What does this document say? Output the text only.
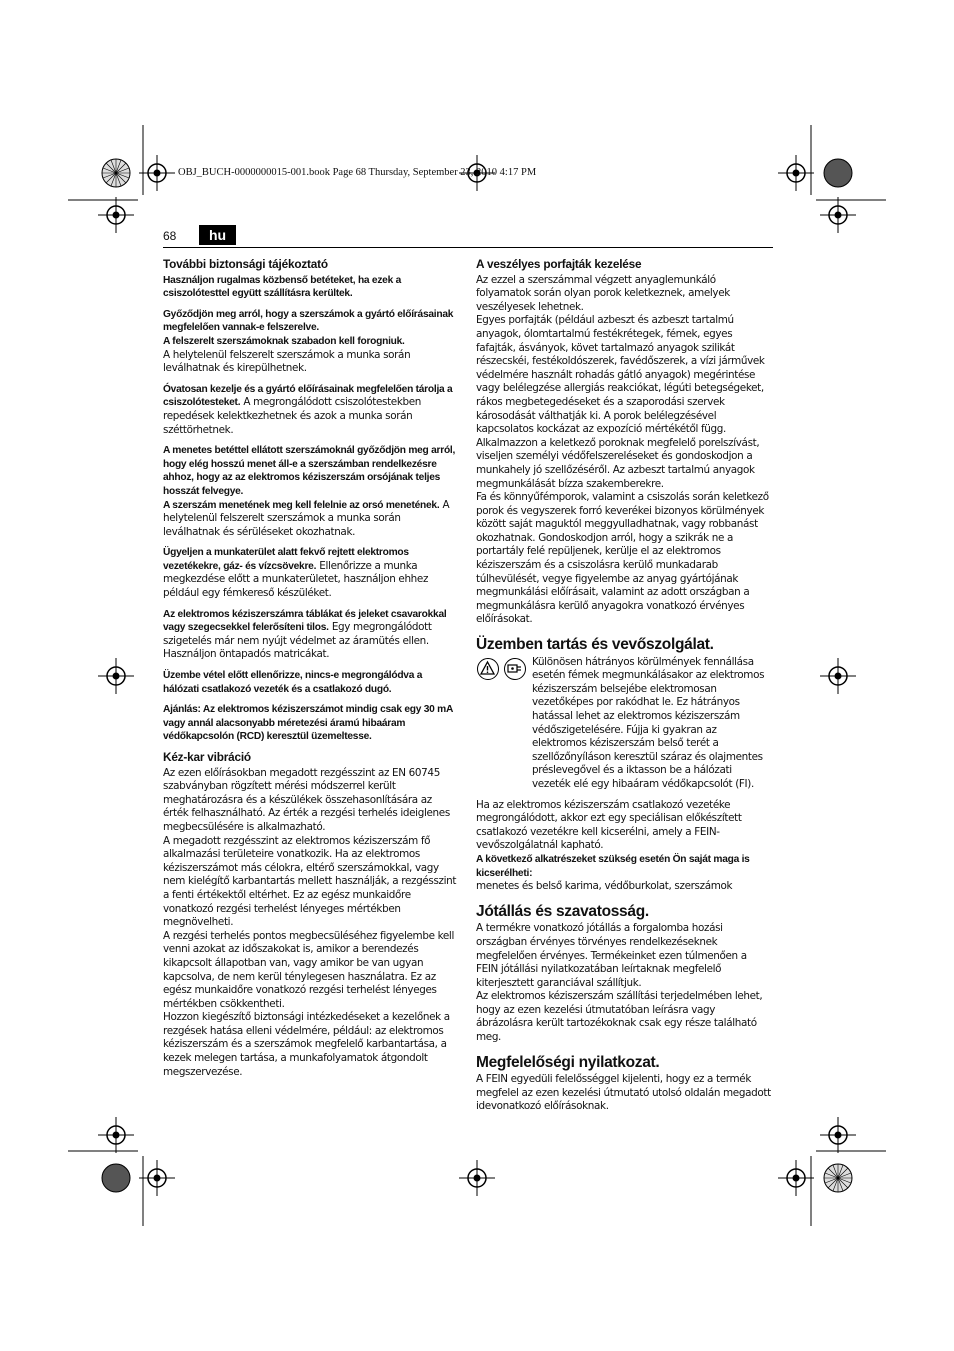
OBJ_BUCH-0000000015-001.book Page 68 Thursday, September 23, 2010 4:17 PM
68	hu
További biztonsági tájékoztató

Használjon rugalmas közbenső betéteket, ha ezek a csiszolótesttel együtt szállításra kerültek.

Győződjön meg arról, hogy a szerszámok a gyártó előírásainak megfelelően vannak-e felszerelve.
A felszerelt szerszámoknak szabadon kell forogniuk.
A helytelenül felszerelt szerszámok a munka során leválhatnak és kirepülhetnek.

Óvatosan kezelje és a gyártó előírásainak megfelelően tárolja a csiszolótesteket. A megrongálódott csiszolótestekben repedések kelektkezhetnek és azok a munka során széttörhetnek.

A menetes betéttel ellátott szerszámoknál győződjön meg arról, hogy elég hosszú menet áll-e a szerszámban rendelkezésre ahhoz, hogy az az elektromos kéziszerszám orsójának teljes hosszát felvegye.
A szerszám menetének meg kell felelnie az orsó menetének. A helytelenül felszerelt szerszámok a munka során leválhatnak és sérüléseket okozhatnak.

Ügyeljen a munkaterület alatt fekvő rejtett elektromos vezetékekre, gáz- és vízcsövekre. Ellenőrizze a munka megkezdése előtt a munkaterületet, használjon ehhez például egy fémkereső készüléket.

Az elektromos kéziszerszámra táblákat és jeleket csavarokkal vagy szegecsekkel felerősíteni tilos. Egy megrongálódott szigetelés már nem nyújt védelmet az áramütés ellen. Használjon öntapadós matricákat.

Üzembe vétel előtt ellenőrizze, nincs-e megrongálódva a hálózati csatlakozó vezeték és a csatlakozó dugó.

Ajánlás: Az elektromos kéziszerszámot mindig csak egy 30 mA vagy annál alacsonyabb méretezési áramú hibaáram védőkapcsolón (RCD) keresztül üzemeltesse.

Kéz-kar vibráció

Az ezen előírásokban megadott rezgésszint az EN 60745 szabványban rögzített mérési módszerrel került meghatározásra és a készülékek összehasonlítására az érték felhasználható. Az érték a rezgési terhelés ideiglenes megbecsülésére is alkalmazható.

A megadott rezgésszint az elektromos kéziszerszám fő alkalmazási területeire vonatkozik. Ha az elektromos kéziszerszámot más célokra, eltérő szerszámokkal, vagy nem kielégítő karbantartás mellett használják, a rezgésszint a fenti értékektől eltérhet. Ez az egész munkaidőre vonatkozó rezgési terhelést lényeges mértékben megnövelheti.

A rezgési terhelés pontos megbecsüléséhez figyelembe kell venni azokat az időszakokat is, amikor a berendezés kikapcsolt állapotban van, vagy amikor be van ugyan kapcsolva, de nem kerül ténylegesen használatra. Ez az egész munkaidőre vonatkozó rezgési terhelést lényeges mértékben csökkentheti.

Hozzon kiegészítő biztonsági intézkedéseket a kezelőnek a rezgések hatása elleni védelmére, például: az elektromos kéziszerszám és a szerszámok megfelelő karbantartása, a kezek melegen tartása, a munkafolyamatok átgondolt megszervezése.

A veszélyes porfajták kezelése

Az ezzel a szerszámmal végzett anyaglemunkáló folyamatok során olyan porok keletkeznek, amelyek veszélyesek lehetnek.

Egyes porfajták (például azbeszt és azbeszt tartalmú anyagok, ólomtartalmú festékrétegek, fémek, egyes fafajták, ásványok, követ tartalmazó anyagok szilikát részecskéi, festékoldószerek, favédőszerek, a vízi járművek védelmére használt rohadás gátló anyagok) megérintése vagy belélegzése allergiás reakciókat, légúti betegségeket, rákos megbetegedéseket és a szaporodási szervek károsodását válthatják ki. A porok belélegzésével kapcsolatos kockázat az expozíció mértékétől függ.

Alkalmazzon a keletkező poroknak megfelelő porelszívást, viseljen személyi védőfelszereléseket és gondoskodjon a munkahely jó szellőzéséről. Az azbeszt tartalmú anyagok megmunkálását bízza szakemberekre.

Fa és könnyűfémporok, valamint a csiszolás során keletkező porok és vegyszerek forró keverékei bizonyos körülmények között saját maguktól meggyulladhatnak, vagy robbanást okozhatnak. Gondoskodjon arról, hogy a szikrák ne a portartály felé repüljenek, kerülje el az elektromos kéziszerszám és a csiszolásra kerülő munkadarab túlhevülését, vegye figyelembe az anyag gyártójának megmunkálási előírásait, valamint az adott országban a megmunkálásra kerülő anyagokra vonatkozó érvényes előírásokat.

Üzemben tartás és vevőszolgálat.

Különösen hátrányos körülmények fennállása esetén fémek megmunkálásakor az elektromos kéziszerszám belsejébe elektromosan vezetőképes por rakódhat le. Ez hátrányos hatással lehet az elektromos kéziszerszám védőszigetelésére. Fújja ki gyakran az elektromos kéziszerszám belső terét a szellőzőnyíláson keresztül száraz és olajmentes préslevegővel és a iktasson be a hálózati vezeték elé egy hibaáram védőkapcsolót (FI).

Ha az elektromos kéziszerszám csatlakozó vezetéke megrongálódott, akkor ezt egy speciálisan előkészített csatlakozó vezetékre kell kicserélni, amely a FEIN-vevőszolgálatnál kapható.

A következő alkatrészeket szükség esetén Ön saját maga is kicserélheti:

menetes és belső karima, védőburkolat, szerszámok

Jótállás és szavatosság.

A termékre vonatkozó jótállás a forgalomba hozási országban érvényes törvényes rendelkezéseknek megfelelően érvényes. Termékeinket ezen túlmenően a FEIN jótállási nyilatkozatában leírtaknak megfelelő kiterjesztett garanciával szállítjuk.

Az elektromos kéziszerszám szállítási terjedelmében lehet, hogy az ezen kezelési útmutatóban leírásra vagy ábrázolásra került tartozékoknak csak egy része található meg.

Megfelelőségi nyilatkozat.

A FEIN egyedüli felelősséggel kijelenti, hogy ez a termék megfelel az ezen kezelési útmutató utolsó oldalán megadott idevonatkozó előírásoknak.
